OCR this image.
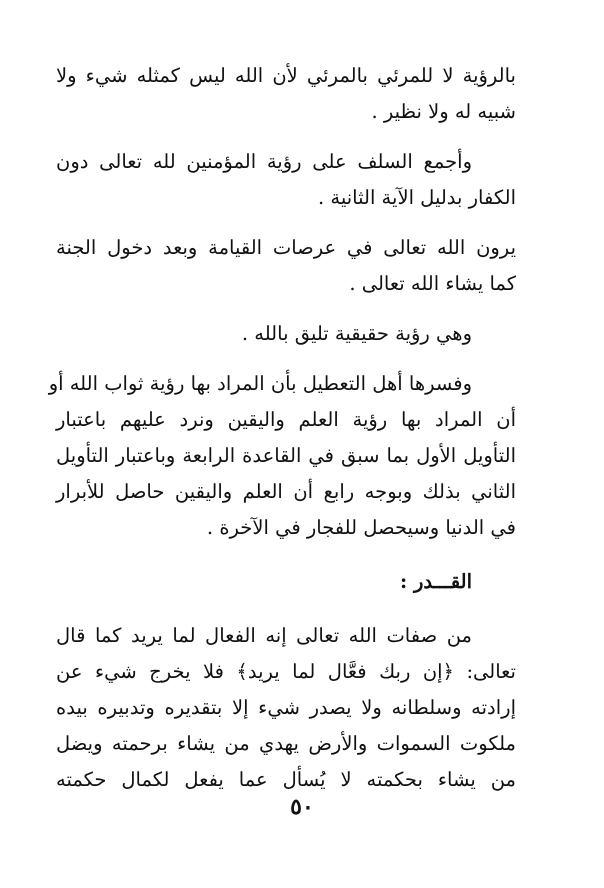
بالرؤية لا للمرئي بالمرئي لأن الله ليس كمثله شيء ولا
شبيه له ولا نظير .

وأجمع السلف على رؤية المؤمنين لله تعالى دون
الكفار بدليل الآية الثانية .

يرون الله تعالى في عرصات القيامة وبعد دخول الجنة
كما يشاء الله تعالى .

وهي رؤية حقيقية تليق بالله .

وفسرها أهل التعطيل بأن المراد بها رؤية ثواب الله أو
أن المراد بها رؤية العلم واليقين ونرد عليهم باعتبار
التأويل الأول بما سبق في القاعدة الرابعة وباعتبار التأويل
الثاني بذلك وبوجه رابع أن العلم واليقين حاصل للأبرار
في الدنيا وسيحصل للفجار في الآخرة .

القـــدر :

من صفات الله تعالى إنه الفعال لما يريد كما قال
تعالى: ﴿إن ربك فعَّال لما يريد﴾ فلا يخرج شيء عن
إرادته وسلطانه ولا يصدر شيء إلا بتقديره وتدبيره بيده
ملكوت السموات والأرض يهدي من يشاء برحمته ويضل
من يشاء بحكمته لا يُسأل عما يفعل لكمال حكمته

٥٠
